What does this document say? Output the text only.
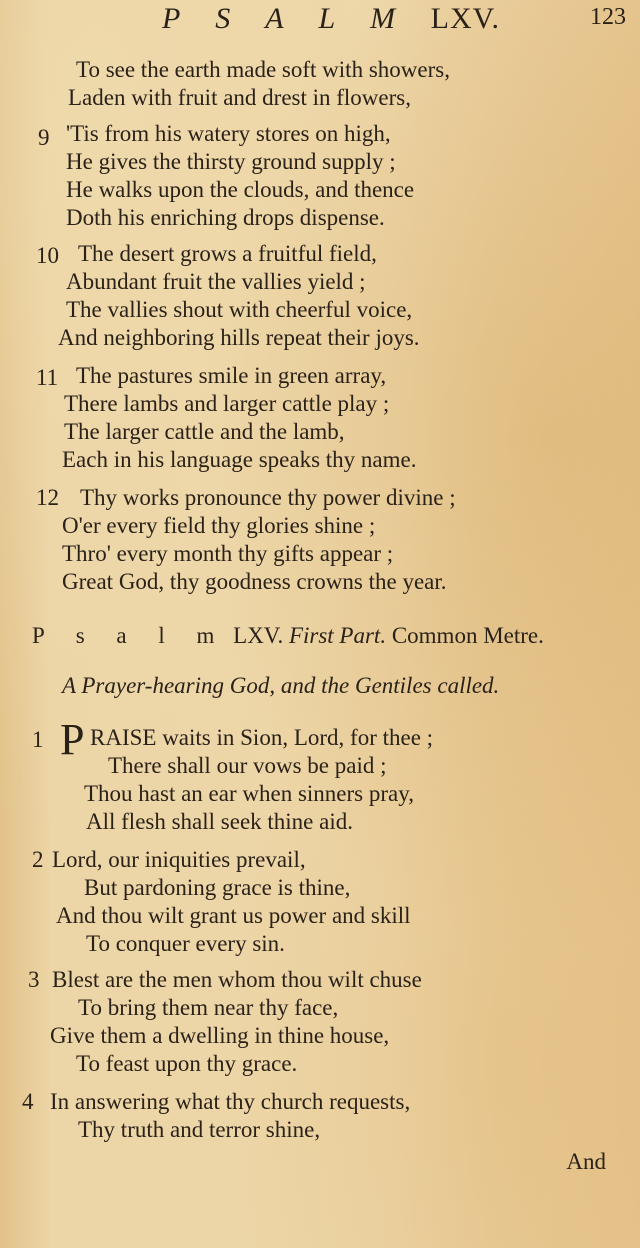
P S A L M LXV.	123
To see the earth made soft with showers,
Laden with fruit and drest in flowers,
9 'Tis from his watery stores on high,
He gives the thirsty ground supply ;
He walks upon the clouds, and thence
Doth his enriching drops dispense.
10 The desert grows a fruitful field,
Abundant fruit the vallies yield ;
The vallies shout with cheerful voice,
And neighboring hills repeat their joys.
11 The pastures smile in green array,
There lambs and larger cattle play ;
The larger cattle and the lamb,
Each in his language speaks thy name.
12 Thy works pronounce thy power divine ;
O'er every field thy glories shine ;
Thro' every month thy gifts appear ;
Great God, thy goodness crowns the year.
P s a l m LXV. First Part. Common Metre.
A Prayer-hearing God, and the Gentiles called.
1 P RAISE waits in Sion, Lord, for thee ;
There shall our vows be paid ;
Thou hast an ear when sinners pray,
All flesh shall seek thine aid.
2 Lord, our iniquities prevail,
But pardoning grace is thine,
And thou wilt grant us power and skill
To conquer every sin.
3 Blest are the men whom thou wilt chuse
To bring them near thy face,
Give them a dwelling in thine house,
To feast upon thy grace.
4 In answering what thy church requests,
Thy truth and terror shine,
And
